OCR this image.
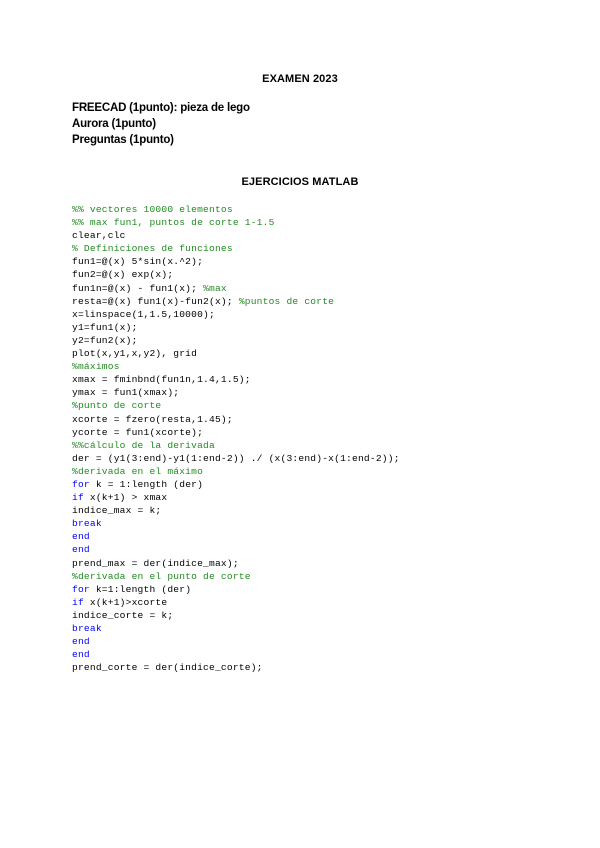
EXAMEN 2023
FREECAD (1punto): pieza de lego
Aurora (1punto)
Preguntas (1punto)
EJERCICIOS MATLAB
%% vectores 10000 elementos
%% max fun1, puntos de corte 1-1.5
clear,clc
% Definiciones de funciones
fun1=@(x) 5*sin(x.^2);
fun2=@(x) exp(x);
fun1n=@(x) - fun1(x); %max
resta=@(x) fun1(x)-fun2(x); %puntos de corte
x=linspace(1,1.5,10000);
y1=fun1(x);
y2=fun2(x);
plot(x,y1,x,y2), grid
%máximos
xmax = fminbnd(fun1n,1.4,1.5);
ymax = fun1(xmax);
%punto de corte
xcorte = fzero(resta,1.45);
ycorte = fun1(xcorte);
%%cálculo de la derivada
der = (y1(3:end)-y1(1:end-2)) ./ (x(3:end)-x(1:end-2));
%derivada en el máximo
for k = 1:length (der)
if x(k+1) > xmax
indice_max = k;
break
end
end
prend_max = der(indice_max);
%derivada en el punto de corte
for k=1:length (der)
if x(k+1)>xcorte
indice_corte = k;
break
end
end
prend_corte = der(indice_corte);
